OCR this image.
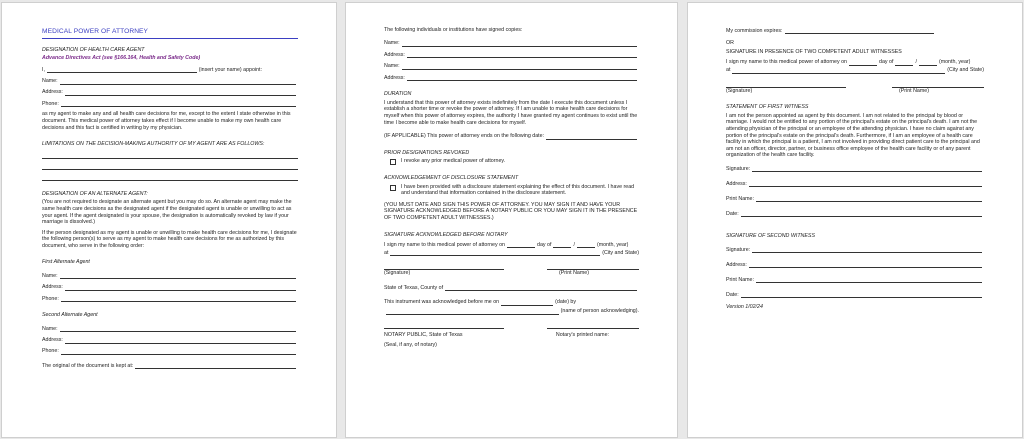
MEDICAL POWER OF ATTORNEY
DESIGNATION OF HEALTH CARE AGENT
Advance Directives Act (see §166.164, Health and Safety Code)
I,	(insert your name) appoint:
Name:
Address:
Phone:

as my agent to make any and all health care decisions for me, except to the extent I state otherwise in this document. This medical power of attorney takes effect if I become unable to make my own health care decisions and this fact is certified in writing by my physician.

LIMITATIONS ON THE DECISION-MAKING AUTHORITY OF MY AGENT ARE AS FOLLOWS:
DESIGNATION OF AN ALTERNATE AGENT:

(You are not required to designate an alternate agent but you may do so. An alternate agent may make the same health care decisions as the designated agent if the designated agent is unable or unwilling to act as your agent. If the agent designated is your spouse, the designation is automatically revoked by law if your marriage is dissolved.)

If the person designated as my agent is unable or unwilling to make health care decisions for me, I designate the following person(s) to serve as my agent to make health care decisions for me as authorized by this document, who serve in the following order:

First Alternate Agent
Name:
Address:
Phone:
Second Alternate Agent
Name:
Address:
Phone:
The original of the document is kept at:

The following individuals or institutions have signed copies:

Name:
Address:
Name:
Address:
DURATION

I understand that this power of attorney exists indefinitely from the date I execute this document unless I establish a shorter time or revoke the power of attorney. If I am unable to make health care decisions for myself when this power of attorney expires, the authority I have granted my agent continues to exist until the time I become able to make health care decisions for myself.

(IF APPLICABLE) This power of attorney ends on the following date:
PRIOR DESIGNATIONS REVOKED
I revoke any prior medical power of attorney.
ACKNOWLEDGEMENT OF DISCLOSURE STATEMENT
I have been provided with a disclosure statement explaining the effect of this document. I have read and understand that information contained in the disclosure statement.

(YOU MUST DATE AND SIGN THIS POWER OF ATTORNEY. YOU MAY SIGN IT AND HAVE YOUR SIGNATURE ACKNOWLEDGED BEFORE A NOTARY PUBLIC OR YOU MAY SIGN IT IN THE PRESENCE OF TWO COMPETENT ADULT WITNESSES.)

SIGNATURE ACKNOWLEDGED BEFORE NOTARY
I sign my name to this medical power of attorney on	day of	/	(month, year)
at	(City and State)
(Signature)	(Print Name)
State of Texas, County of
This instrument was acknowledged before me on	(date) by
(name of person acknowledging).
NOTARY PUBLIC, State of Texas	Notary's printed name:

(Seal, if any, of notary)

My commission expires:

OR

SIGNATURE IN PRESENCE OF TWO COMPETENT ADULT WITNESSES

I sign my name to this medical power of attorney on	day of	/	(month, year)
at	(City and State)
(Signature)	(Print Name)
STATEMENT OF FIRST WITNESS

I am not the person appointed as agent by this document. I am not related to the principal by blood or marriage. I would not be entitled to any portion of the principal's estate on the principal's death. I am not the attending physician of the principal or an employee of the attending physician. I have no claim against any portion of the principal's estate on the principal's death. Furthermore, if I am an employee of a health care facility in which the principal is a patient, I am not involved in providing direct patient care to the principal and am not an officer, director, partner, or business office employee of the health care facility or of any parent organization of the health care facility.

Signature:
Address:
Print Name:
Date:
SIGNATURE OF SECOND WITNESS
Signature:
Address:
Print Name:
Date:

Version 1/02/24
